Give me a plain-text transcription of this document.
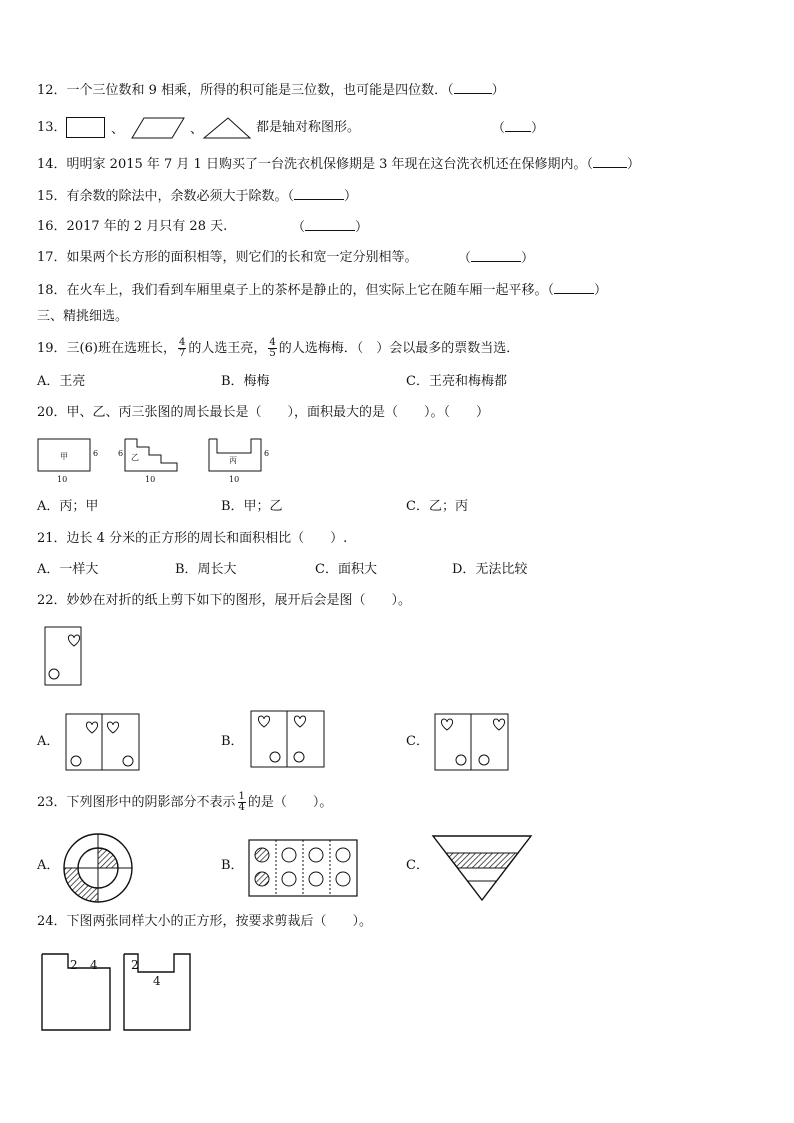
12．一个三位数和 9 相乘，所得的积可能是三位数，也可能是四位数．（	）
13．	、	、	都是轴对称图形。	（ ）
14．明明家 2015 年 7 月 1 日购买了一台洗衣机保修期是 3 年现在这台洗衣机还在保修期内。（	）
15．有余数的除法中，余数必须大于除数。（	）
16．2017 年的 2 月只有 28 天.	（	）
17．如果两个长方形的面积相等，则它们的长和宽一定分别相等。	（	）
18．在火车上，我们看到车厢里桌子上的茶杯是静止的，但实际上它在随车厢一起平移。（	）
三、精挑细选。
19．三(6)班在选班长， $\frac{4}{7}$ 的人选王亮， $\frac{4}{5}$ 的人选梅梅．（　）会以最多的票数当选．
A．王亮	B．梅梅	C．王亮和梅梅都
20．甲、乙、丙三张图的周长最长是（　　），面积最大的是（　　）。（　　）
甲	6
10
乙
6
10
丙
6
10
A．丙；甲	B．甲；乙	C．乙；丙
21．边长 4 分米的正方形的周长和面积相比（　　）.
A．一样大	B．周长大	C．面积大	D．无法比较
22．妙妙在对折的纸上剪下如下的图形，展开后会是图（　　）。
A．	B．	C．
23．下列图形中的阴影部分不表示 $\frac{1}{4}$ 的是（　　）。
A．	B．	C．
24．下图两张同样大小的正方形，按要求剪裁后（　　）。
2 4	2
4
